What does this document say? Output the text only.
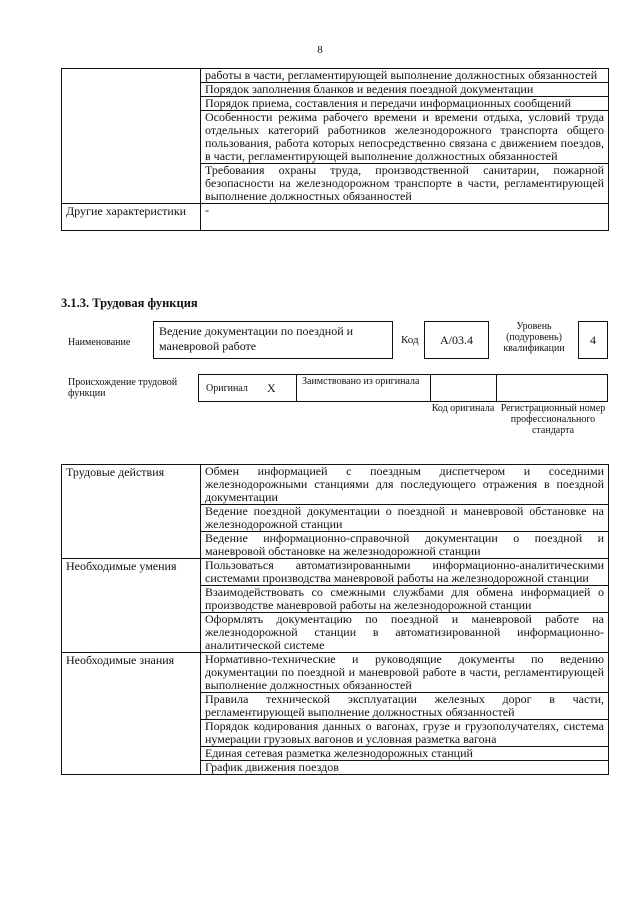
8
	работы в части, регламентирующей выполнение должностных обязанностей
	Порядок заполнения бланков и ведения поездной документации
	Порядок приема, составления и передачи информационных сообщений
	Особенности режима рабочего времени и времени отдыха, условий труда отдельных категорий работников железнодорожного транспорта общего пользования, работа которых непосредственно связана с движением поездов, в части, регламентирующей выполнение должностных обязанностей
	Требования охраны труда, производственной санитарии, пожарной безопасности на железнодорожном транспорте в части, регламентирующей выполнение должностных обязанностей
Другие характеристики	-
3.1.3. Трудовая функция
Наименование
Ведение документации по поездной и маневровой работе	Код	А/03.4
Уровень (подуровень) квалификации
4
Происхождение трудовой функции	Оригинал X	Заимствовано из оригинала
Код оригинала Регистрационный номер профессионального стандарта
Трудовые действия	Обмен информацией с поездным диспетчером и соседними железнодорожными станциями для последующего отражения в поездной документации
	Ведение поездной документации о поездной и маневровой обстановке на железнодорожной станции
	Ведение информационно-справочной документации о поездной и маневровой обстановке на железнодорожной станции
Необходимые умения	Пользоваться автоматизированными информационно-аналитическими системами производства маневровой работы на железнодорожной станции
	Взаимодействовать со смежными службами для обмена информацией о производстве маневровой работы на железнодорожной станции
	Оформлять документацию по поездной и маневровой работе на железнодорожной станции в автоматизированной информационно-аналитической системе
Необходимые знания	Нормативно-технические и руководящие документы по ведению документации по поездной и маневровой работе в части, регламентирующей выполнение должностных обязанностей
	Правила технической эксплуатации железных дорог в части, регламентирующей выполнение должностных обязанностей
	Порядок кодирования данных о вагонах, грузе и грузополучателях, система нумерации грузовых вагонов и условная разметка вагона
	Единая сетевая разметка железнодорожных станций
	График движения поездов
